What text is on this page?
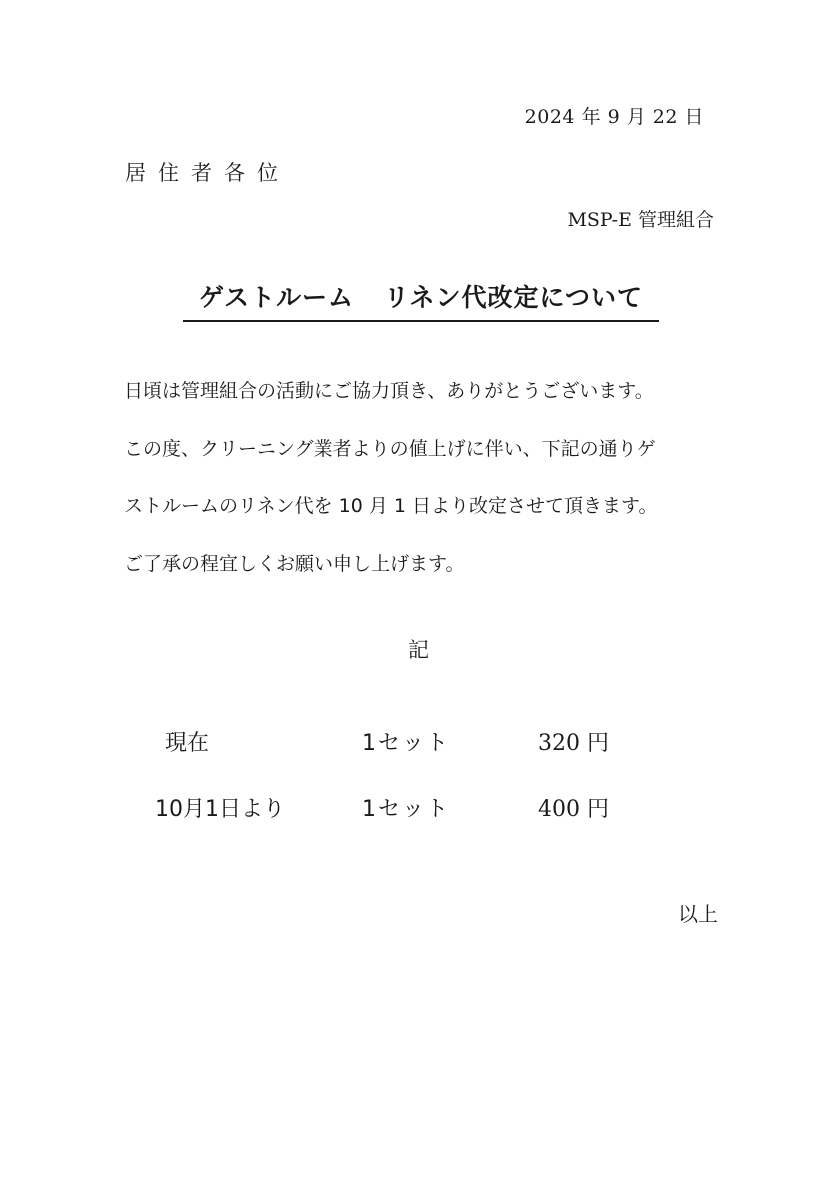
2024 年 9 月 22 日
居住者各位
MSP-E 管理組合
ゲストルーム リネン代改定について
日頃は管理組合の活動にご協力頂き、ありがとうございます。
この度、クリーニング業者よりの値上げに伴い、下記の通りゲ
ストルームのリネン代を 10 月 1 日より改定させて頂きます。
ご了承の程宜しくお願い申し上げます。
記
現在	1セット	320 円
10月1日より	1セット	400 円
以上
